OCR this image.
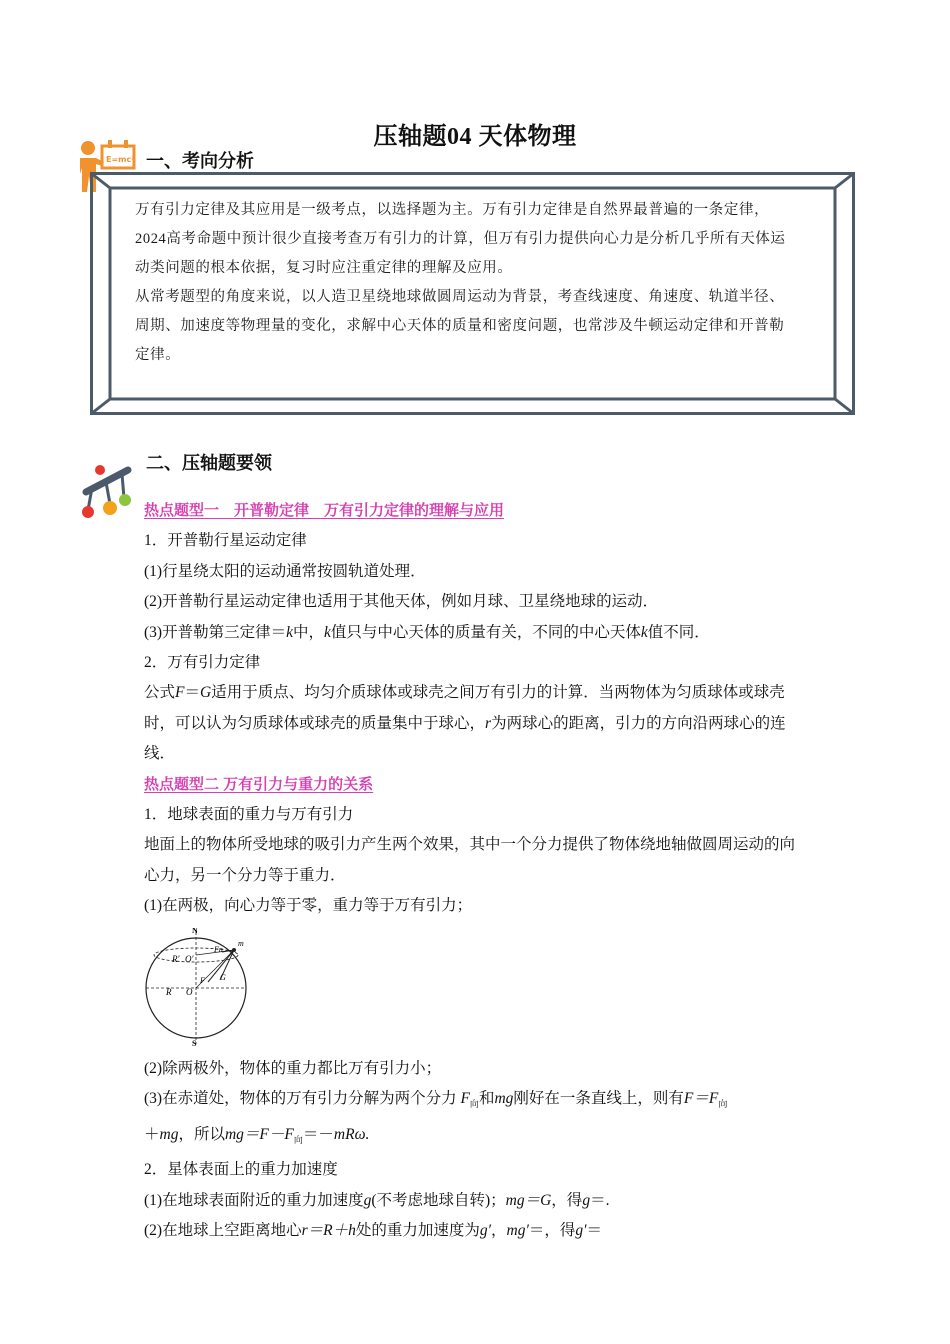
压轴题04 天体物理
E=mc² 一、考向分析

万有引力定律及其应用是一级考点，以选择题为主。万有引力定律是自然界最普遍的一条定律，2024高考命题中预计很少直接考查万有引力的计算，但万有引力提供向心力是分析几乎所有天体运动类问题的根本依据，复习时应注重定律的理解及应用。

从常考题型的角度来说，以人造卫星绕地球做圆周运动为背景，考查线速度、角速度、轨道半径、周期、加速度等物理量的变化，求解中心天体的质量和密度问题，也常涉及牛顿运动定律和开普勒定律。

二、压轴题要领

热点题型一　开普勒定律　万有引力定律的理解与应用

1．开普勒行星运动定律

(1)行星绕太阳的运动通常按圆轨道处理．

(2)开普勒行星运动定律也适用于其他天体，例如月球、卫星绕地球的运动．

(3)开普勒第三定律＝k中，k值只与中心天体的质量有关，不同的中心天体k值不同．

2．万有引力定律

公式F＝G适用于质点、均匀介质球体或球壳之间万有引力的计算．当两物体为匀质球体或球壳时，可以认为匀质球体或球壳的质量集中于球心，r为两球心的距离，引力的方向沿两球心的连线．

热点题型二 万有引力与重力的关系

1．地球表面的重力与万有引力

地面上的物体所受地球的吸引力产生两个效果，其中一个分力提供了物体绕地轴做圆周运动的向心力，另一个分力等于重力．

(1)在两极，向心力等于零，重力等于万有引力；

N
S
R′ O′
R O
Fn
m
F G

(2)除两极外，物体的重力都比万有引力小；

(3)在赤道处，物体的万有引力分解为两个分力 $F_向$和mg刚好在一条直线上，则有$F=F_向$

＋mg，所以$mg=F-F_向=-mR\omega$.

2．星体表面上的重力加速度

(1)在地球表面附近的重力加速度g(不考虑地球自转)；mg＝G，得g＝.

(2)在地球上空距离地心r＝R＋h处的重力加速度为g′，mg′＝，得g′＝
